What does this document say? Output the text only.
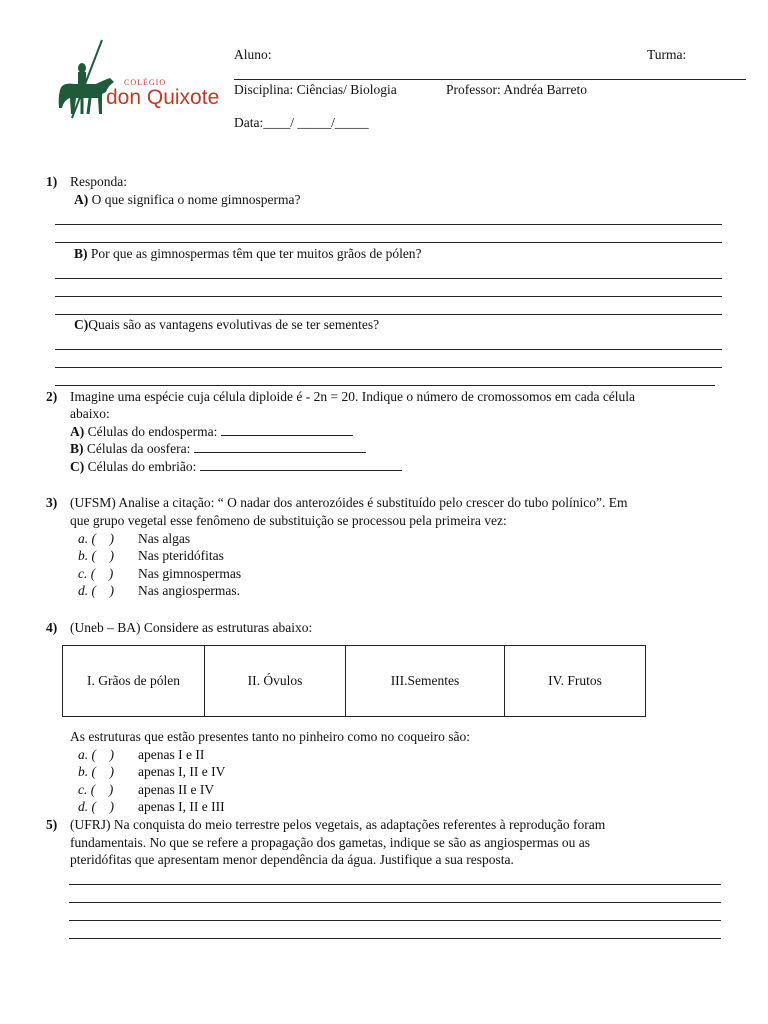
COLÉGIO
don Quixote
Aluno:	Turma:
Disciplina: Ciências/ Biologia	Professor: Andréa Barreto
Data:____/ _____/_____
1) Responda:
A) O que significa o nome gimnosperma?
B) Por que as gimnospermas têm que ter muitos grãos de pólen?
C)Quais são as vantagens evolutivas de se ter sementes?
2) Imagine uma espécie cuja célula diploide é - 2n = 20. Indique o número de cromossomos em cada célula
abaixo:
A) Células do endosperma:
B) Células da oosfera:
C) Células do embrião:
3) (UFSM) Analise a citação: “ O nadar dos anterozóides é substituído pelo crescer do tubo polínico”. Em
que grupo vegetal esse fenômeno de substituição se processou pela primeira vez:
a. (    ) Nas algas
b. (    ) Nas pteridófitas
c. (    ) Nas gimnospermas
d. (    ) Nas angiospermas.
4) (Uneb – BA) Considere as estruturas abaixo:
I. Grãos de pólen	II. Óvulos	III.Sementes	IV. Frutos
As estruturas que estão presentes tanto no pinheiro como no coqueiro são:
a. (    ) apenas I e II
b. (    ) apenas I, II e IV
c. (    ) apenas II e IV
d. (    ) apenas I, II e III
5) (UFRJ) Na conquista do meio terrestre pelos vegetais, as adaptações referentes à reprodução foram
fundamentais. No que se refere a propagação dos gametas, indique se são as angiospermas ou as
pteridófitas que apresentam menor dependência da água. Justifique a sua resposta.
